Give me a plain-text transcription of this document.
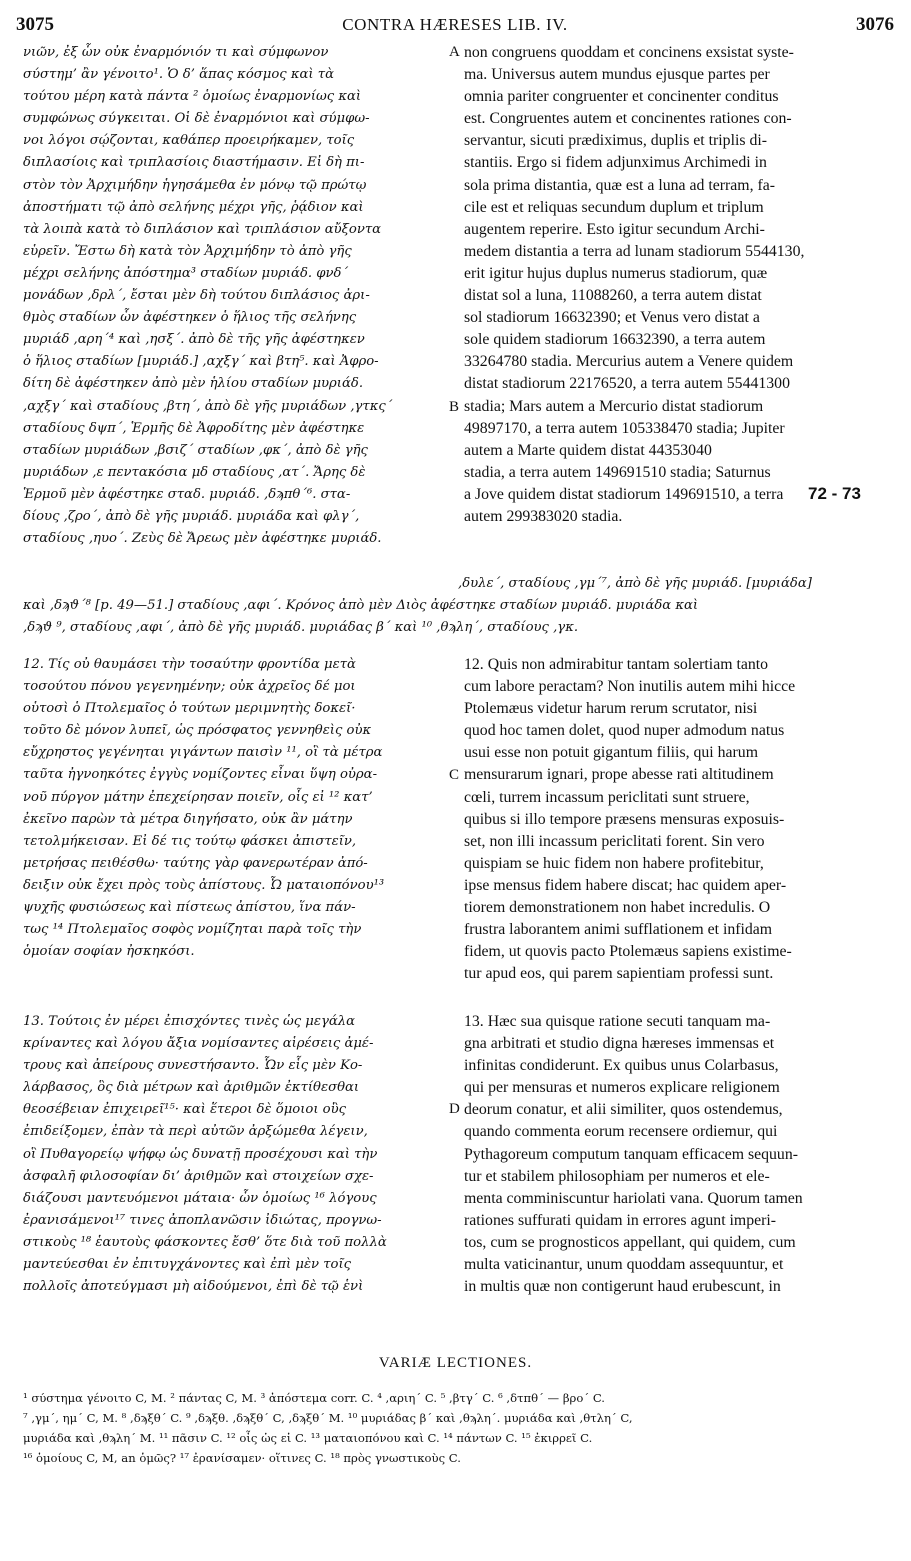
3075	CONTRA HÆRESES LIB. IV.	3076
νιῶν, ἐξ ὧν οὐκ ἐναρμόνιόν τι καὶ σύμφωνον
σύστημ’ ἂν γένοιτο¹. Ὁ δ’ ἅπας κόσμος καὶ τὰ
τούτου μέρη κατὰ πάντα ² ὁμοίως ἐναρμονίως καὶ
συμφώνως σύγκειται. Οἱ δὲ ἐναρμόνιοι καὶ σύμφω-
νοι λόγοι σῴζονται, καθάπερ προειρήκαμεν, τοῖς
διπλασίοις καὶ τριπλασίοις διαστήμασιν. Εἰ δὴ πι-
στὸν τὸν Ἀρχιμήδην ἡγησάμεθα ἐν μόνῳ τῷ πρώτῳ
ἀποστήματι τῷ ἀπὸ σελήνης μέχρι γῆς, ῥᾴδιον καὶ
τὰ λοιπὰ κατὰ τὸ διπλάσιον καὶ τριπλάσιον αὔξοντα
εὑρεῖν. Ἔστω δὴ κατὰ τὸν Ἀρχιμήδην τὸ ἀπὸ γῆς
μέχρι σελήνης ἀπόστημα³ σταδίων μυριάδ. φνδ΄
μονάδων ,δρλ΄, ἔσται μὲν δὴ τούτου διπλάσιος ἀρι-
θμὸς σταδίων ὧν ἀφέστηκεν ὁ ἥλιος τῆς σελήνης
μυριάδ ,αρη΄⁴ καὶ ,ησξ΄. ἀπὸ δὲ τῆς γῆς ἀφέστηκεν
ὁ ἥλιος σταδίων [μυριάδ.] ,αχξγ΄ καὶ βτη⁵. καὶ Ἀφρο-
δίτη δὲ ἀφέστηκεν ἀπὸ μὲν ἡλίου σταδίων μυριάδ.
,αχξγ΄ καὶ σταδίους ,βτη΄, ἀπὸ δὲ γῆς μυριάδων ,γτκς΄
σταδίους δψπ΄, Ἑρμῆς δὲ Ἀφροδίτης μὲν ἀφέστηκε
σταδίων μυριάδων ,βσιζ΄ σταδίων ,φκ΄, ἀπὸ δὲ γῆς
μυριάδων ,ε πεντακόσια μδ σταδίους ,ατ΄. Ἄρης δὲ
Ἑρμοῦ μὲν ἀφέστηκε σταδ. μυριάδ. ,δϡπθ΄⁶. στα-
δίους ,ζρο΄, ἀπὸ δὲ γῆς μυριάδ. μυριάδα καὶ φλγ΄,
σταδίους ,ηυο΄. Ζεὺς δὲ Ἄρεως μὲν ἀφέστηκε μυριάδ.
non congruens quoddam et concinens exsistat syste-
ma. Universus autem mundus ejusque partes per
omnia pariter congruenter et concinenter conditus
est. Congruentes autem et concinentes rationes con-
servantur, sicuti prædiximus, duplis et triplis di-
stantiis. Ergo si fidem adjunximus Archimedi in
sola prima distantia, quæ est a luna ad terram, fa-
cile est et reliquas secundum duplum et triplum
augentem reperire. Esto igitur secundum Archi-
medem distantia a terra ad lunam stadiorum 5544130,
erit igitur hujus duplus numerus stadiorum, quæ
distat sol a luna, 11088260, a terra autem distat
sol stadiorum 16632390; et Venus vero distat a
sole quidem stadiorum 16632390, a terra autem
33264780 stadia. Mercurius autem a Venere quidem
distat stadiorum 22176520, a terra autem 55441300
stadia; Mars autem a Mercurio distat stadiorum
49897170, a terra autem 105338470 stadia; Jupiter
autem a Marte quidem distat 44353040
stadia, a terra autem 149691510 stadia; Saturnus
a Jove quidem distat stadiorum 149691510, a terra
autem 299383020 stadia.
A
B
C
D
72 - 73
,δυλε΄, σταδίους ,γμ΄⁷, ἀπὸ δὲ γῆς μυριάδ. [μυριάδα]
καὶ ,δϡϑ΄⁸ [p. 49—51.] σταδίους ,αφι΄. Κρόνος ἀπὸ μὲν Διὸς ἀφέστηκε σταδίων μυριάδ. μυριάδα καὶ
,δϡϑ ⁹, σταδίους ,αφι΄, ἀπὸ δὲ γῆς μυριάδ. μυριάδας β΄ καὶ ¹⁰ ,θϡλη΄, σταδίους ,γκ.
12. Τίς οὐ θαυμάσει τὴν τοσαύτην φροντίδα μετὰ
τοσούτου πόνου γεγενημένην; οὐκ ἀχρεῖος δέ μοι
οὑτοσὶ ὁ Πτολεμαῖος ὁ τούτων μεριμνητὴς δοκεῖ·
τοῦτο δὲ μόνον λυπεῖ, ὡς πρόσφατος γεννηθεὶς οὐκ
εὔχρηστος γεγένηται γιγάντων παισὶν ¹¹, οἳ τὰ μέτρα
ταῦτα ἠγνοηκότες ἐγγὺς νομίζοντες εἶναι ὕψη οὐρα-
νοῦ πύργον μάτην ἐπεχείρησαν ποιεῖν, οἷς εἰ ¹² κατ’
ἐκεῖνο παρὼν τὰ μέτρα διηγήσατο, οὐκ ἂν μάτην
τετολμήκεισαν. Εἰ δέ τις τούτῳ φάσκει ἀπιστεῖν,
μετρήσας πειθέσθω· ταύτης γὰρ φανερωτέραν ἀπό-
δειξιν οὐκ ἔχει πρὸς τοὺς ἀπίστους. Ὦ ματαιοπόνου¹³
ψυχῆς φυσιώσεως καὶ πίστεως ἀπίστου, ἵνα πάν-
τως ¹⁴ Πτολεμαῖος σοφὸς νομίζηται παρὰ τοῖς τὴν
ὁμοίαν σοφίαν ἠσκηκόσι.
12. Quis non admirabitur tantam solertiam tanto
cum labore peractam? Non inutilis autem mihi hicce
Ptolemæus videtur harum rerum scrutator, nisi
quod hoc tamen dolet, quod nuper admodum natus
usui esse non potuit gigantum filiis, qui harum
mensurarum ignari, prope abesse rati altitudinem
cœli, turrem incassum periclitati sunt struere,
quibus si illo tempore præsens mensuras exposuis-
set, non illi incassum periclitati forent. Sin vero
quispiam se huic fidem non habere profitebitur,
ipse mensus fidem habere discat; hac quidem aper-
tiorem demonstrationem non habet incredulis. O
frustra laborantem animi sufflationem et infidam
fidem, ut quovis pacto Ptolemæus sapiens existime-
tur apud eos, qui parem sapientiam professi sunt.
13. Τούτοις ἐν μέρει ἐπισχόντες τινὲς ὡς μεγάλα
κρίναντες καὶ λόγου ἄξια νομίσαντες αἱρέσεις ἀμέ-
τρους καὶ ἀπείρους συνεστήσαντο. Ὧν εἷς μὲν Κο-
λάρβασος, ὃς διὰ μέτρων καὶ ἀριθμῶν ἐκτίθεσθαι
θεοσέβειαν ἐπιχειρεῖ¹⁵· καὶ ἕτεροι δὲ ὅμοιοι οὓς
ἐπιδείξομεν, ἐπὰν τὰ περὶ αὐτῶν ἀρξώμεθα λέγειν,
οἳ Πυθαγορείῳ ψήφῳ ὡς δυνατῇ προσέχουσι καὶ τὴν
ἀσφαλῆ φιλοσοφίαν δι’ ἀριθμῶν καὶ στοιχείων σχε-
διάζουσι μαντευόμενοι μάταια· ὧν ὁμοίως ¹⁶ λόγους
ἐρανισάμενοι¹⁷ τινες ἀποπλανῶσιν ἰδιώτας, προγνω-
στικοὺς ¹⁸ ἑαυτοὺς φάσκοντες ἔσθ’ ὅτε διὰ τοῦ πολλὰ
μαντεύεσθαι ἐν ἐπιτυγχάνοντες καὶ ἐπὶ μὲν τοῖς
πολλοῖς ἀποτεύγμασι μὴ αἰδούμενοι, ἐπὶ δὲ τῷ ἑνὶ
13. Hæc sua quisque ratione secuti tanquam ma-
gna arbitrati et studio digna hæreses immensas et
infinitas condiderunt. Ex quibus unus Colarbasus,
qui per mensuras et numeros explicare religionem
deorum conatur, et alii similiter, quos ostendemus,
quando commenta eorum recensere ordiemur, qui
Pythagoreum computum tanquam efficacem sequun-
tur et stabilem philosophiam per numeros et ele-
menta comminiscuntur hariolati vana. Quorum tamen
rationes suffurati quidam in errores agunt imperi-
tos, cum se prognosticos appellant, qui quidem, cum
multa vaticinantur, unum quoddam assequuntur, et
in multis quæ non contigerunt haud erubescunt, in
VARIÆ LECTIONES.
¹ σύστημα γένοιτο C, M. ² πάντας C, M. ³ ἀπόστεμα corr. C. ⁴ ,αριη΄ C. ⁵ ,βτγ΄ C. ⁶ ,δτπθ΄ — βρο΄ C.
⁷ ,γμ΄, ημ΄ C, M. ⁸ ,δϡξθ΄ C. ⁹ ,δϡξθ. ,δϡξθ΄ C, ,δϡξθ΄ M. ¹⁰ μυριάδας β΄ καὶ ,θϡλη΄. μυριάδα καὶ ,θτλη΄ C,
μυριάδα καὶ ,θϡλη΄ M. ¹¹ πᾶσιν C. ¹² οἷς ὡς εἰ C. ¹³ ματαιοπόνου καὶ C. ¹⁴ πάντων C. ¹⁵ ἐκιρρεῖ C.
¹⁶ ὁμοίους C, M, an ὁμῶς? ¹⁷ ἐρανίσαμεν· οἵτινες C. ¹⁸ πρὸς γνωστικοὺς C.
